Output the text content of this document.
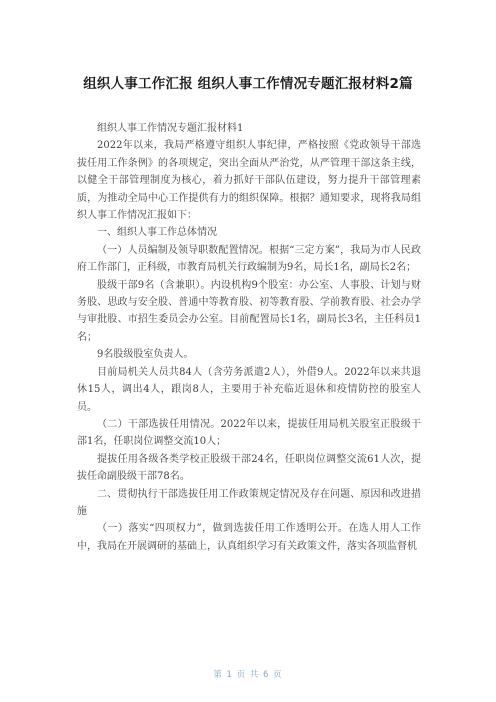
组织人事工作汇报 组织人事工作情况专题汇报材料2篇

组织人事工作情况专题汇报材料1

2022年以来，我局严格遵守组织人事纪律，严格按照《党政领导干部选拔任用工作条例》的各项规定，突出全面从严治党，从严管理干部这条主线，以健全干部管理制度为核心，着力抓好干部队伍建设，努力提升干部管理素质，为推动全局中心工作提供有力的组织保障。根据？通知要求，现将我局组织人事工作情况汇报如下：

一、组织人事工作总体情况

（一）人员编制及领导职数配置情况。根据“三定方案”，我局为市人民政府工作部门，正科级，市教育局机关行政编制为9名，局长1名，副局长2名；

股级干部9名（含兼职）。内设机构9个股室：办公室、人事股、计划与财务股、思政与安全股、普通中等教育股、初等教育股、学前教育股、社会办学与审批股、市招生委员会办公室。目前配置局长1名，副局长3名，主任科员1名；

9名股级股室负责人。

目前局机关人员共84人（含劳务派遣2人），外借9人。2022年以来共退休15人，调出4人，跟岗8人，主要用于补充临近退休和疫情防控的股室人员。

（二）干部选拔任用情况。2022年以来，提拔任用局机关股室正股级干部1名，任职岗位调整交流10人；

提拔任用各级各类学校正股级干部24名，任职岗位调整交流61人次，提拔任命副股级干部78名。

二、贯彻执行干部选拔任用工作政策规定情况及存在问题、原因和改进措施

（一）落实“四项权力”，做到选拔任用工作透明公开。在选人用人工作中，我局在开展调研的基础上，认真组织学习有关政策文件，落实各项监督机

第 1 页 共 6 页
